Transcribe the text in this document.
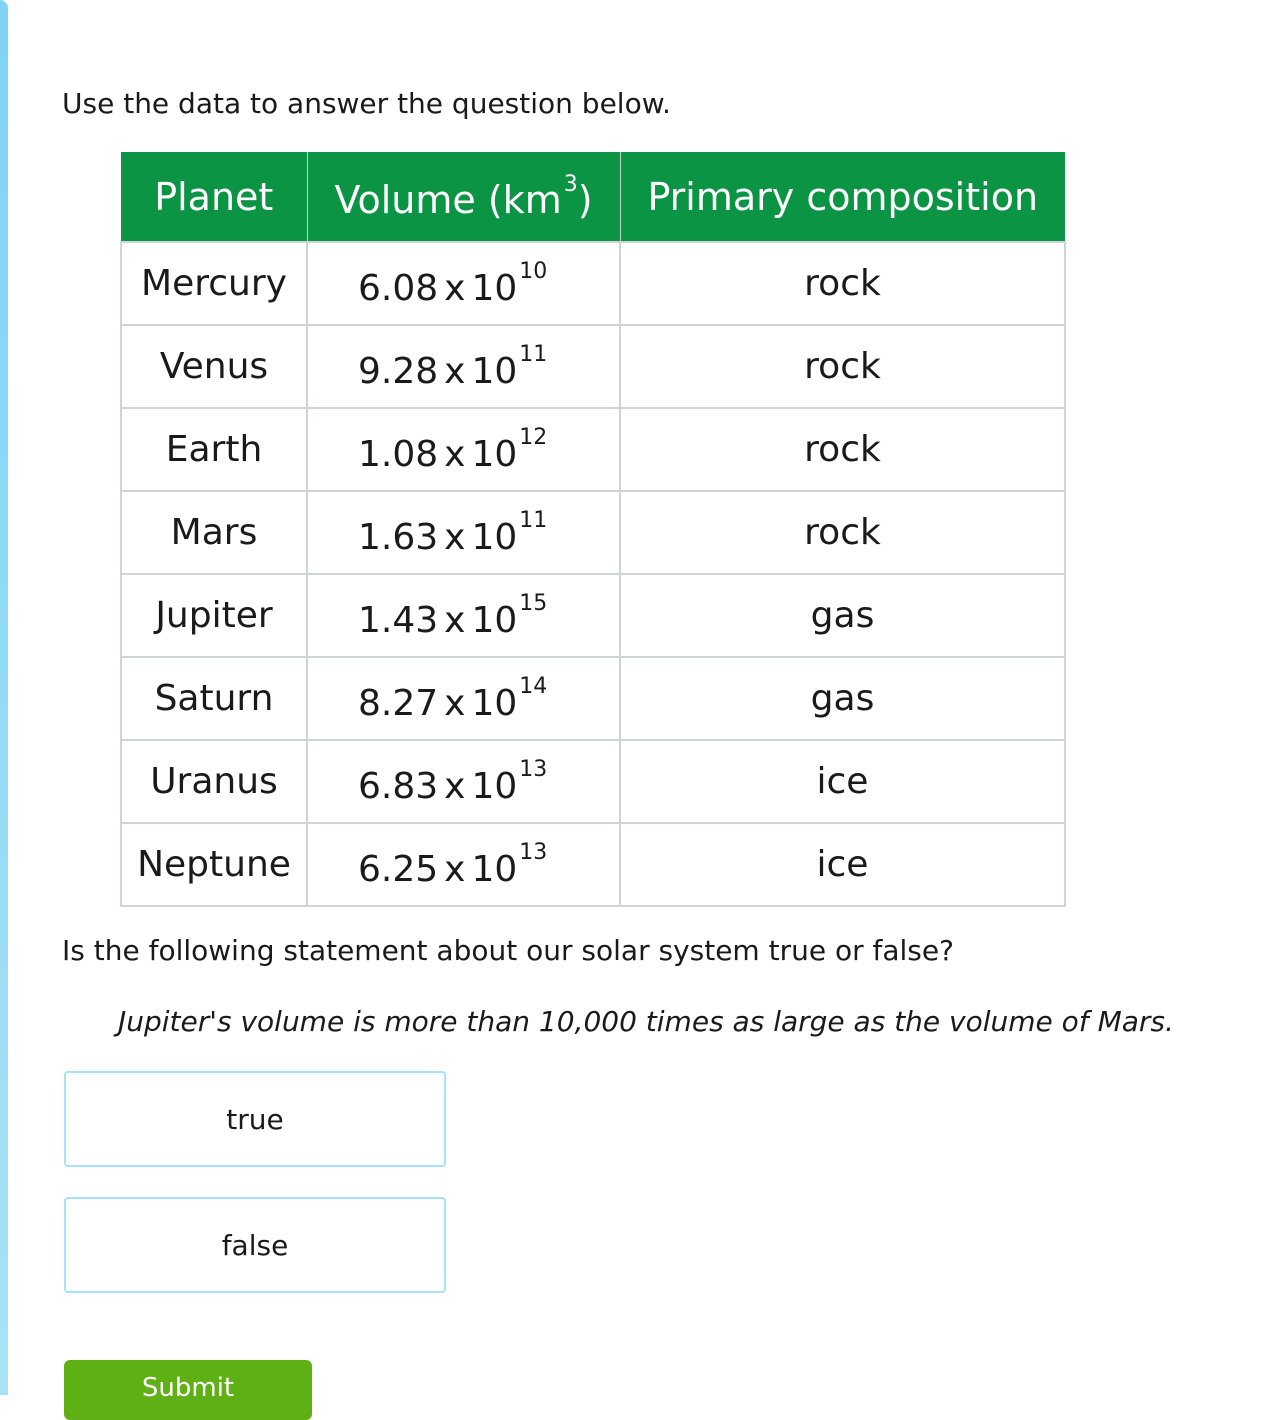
Use the data to answer the question below.

Planet	Volume $(km^3)$	Primary composition
Mercury	6.08 x $10^{10}$	rock
Venus	9.28 x $10^{11}$	rock
Earth	1.08 x $10^{12}$	rock
Mars	1.63 x $10^{11}$	rock
Jupiter	1.43 x $10^{15}$	gas
Saturn	8.27 x $10^{14}$	gas
Uranus	6.83 x $10^{13}$	ice
Neptune	6.25 x $10^{13}$	ice

Is the following statement about our solar system true or false?

Jupiter's volume is more than 10,000 times as large as the volume of Mars.

true
false
Submit
